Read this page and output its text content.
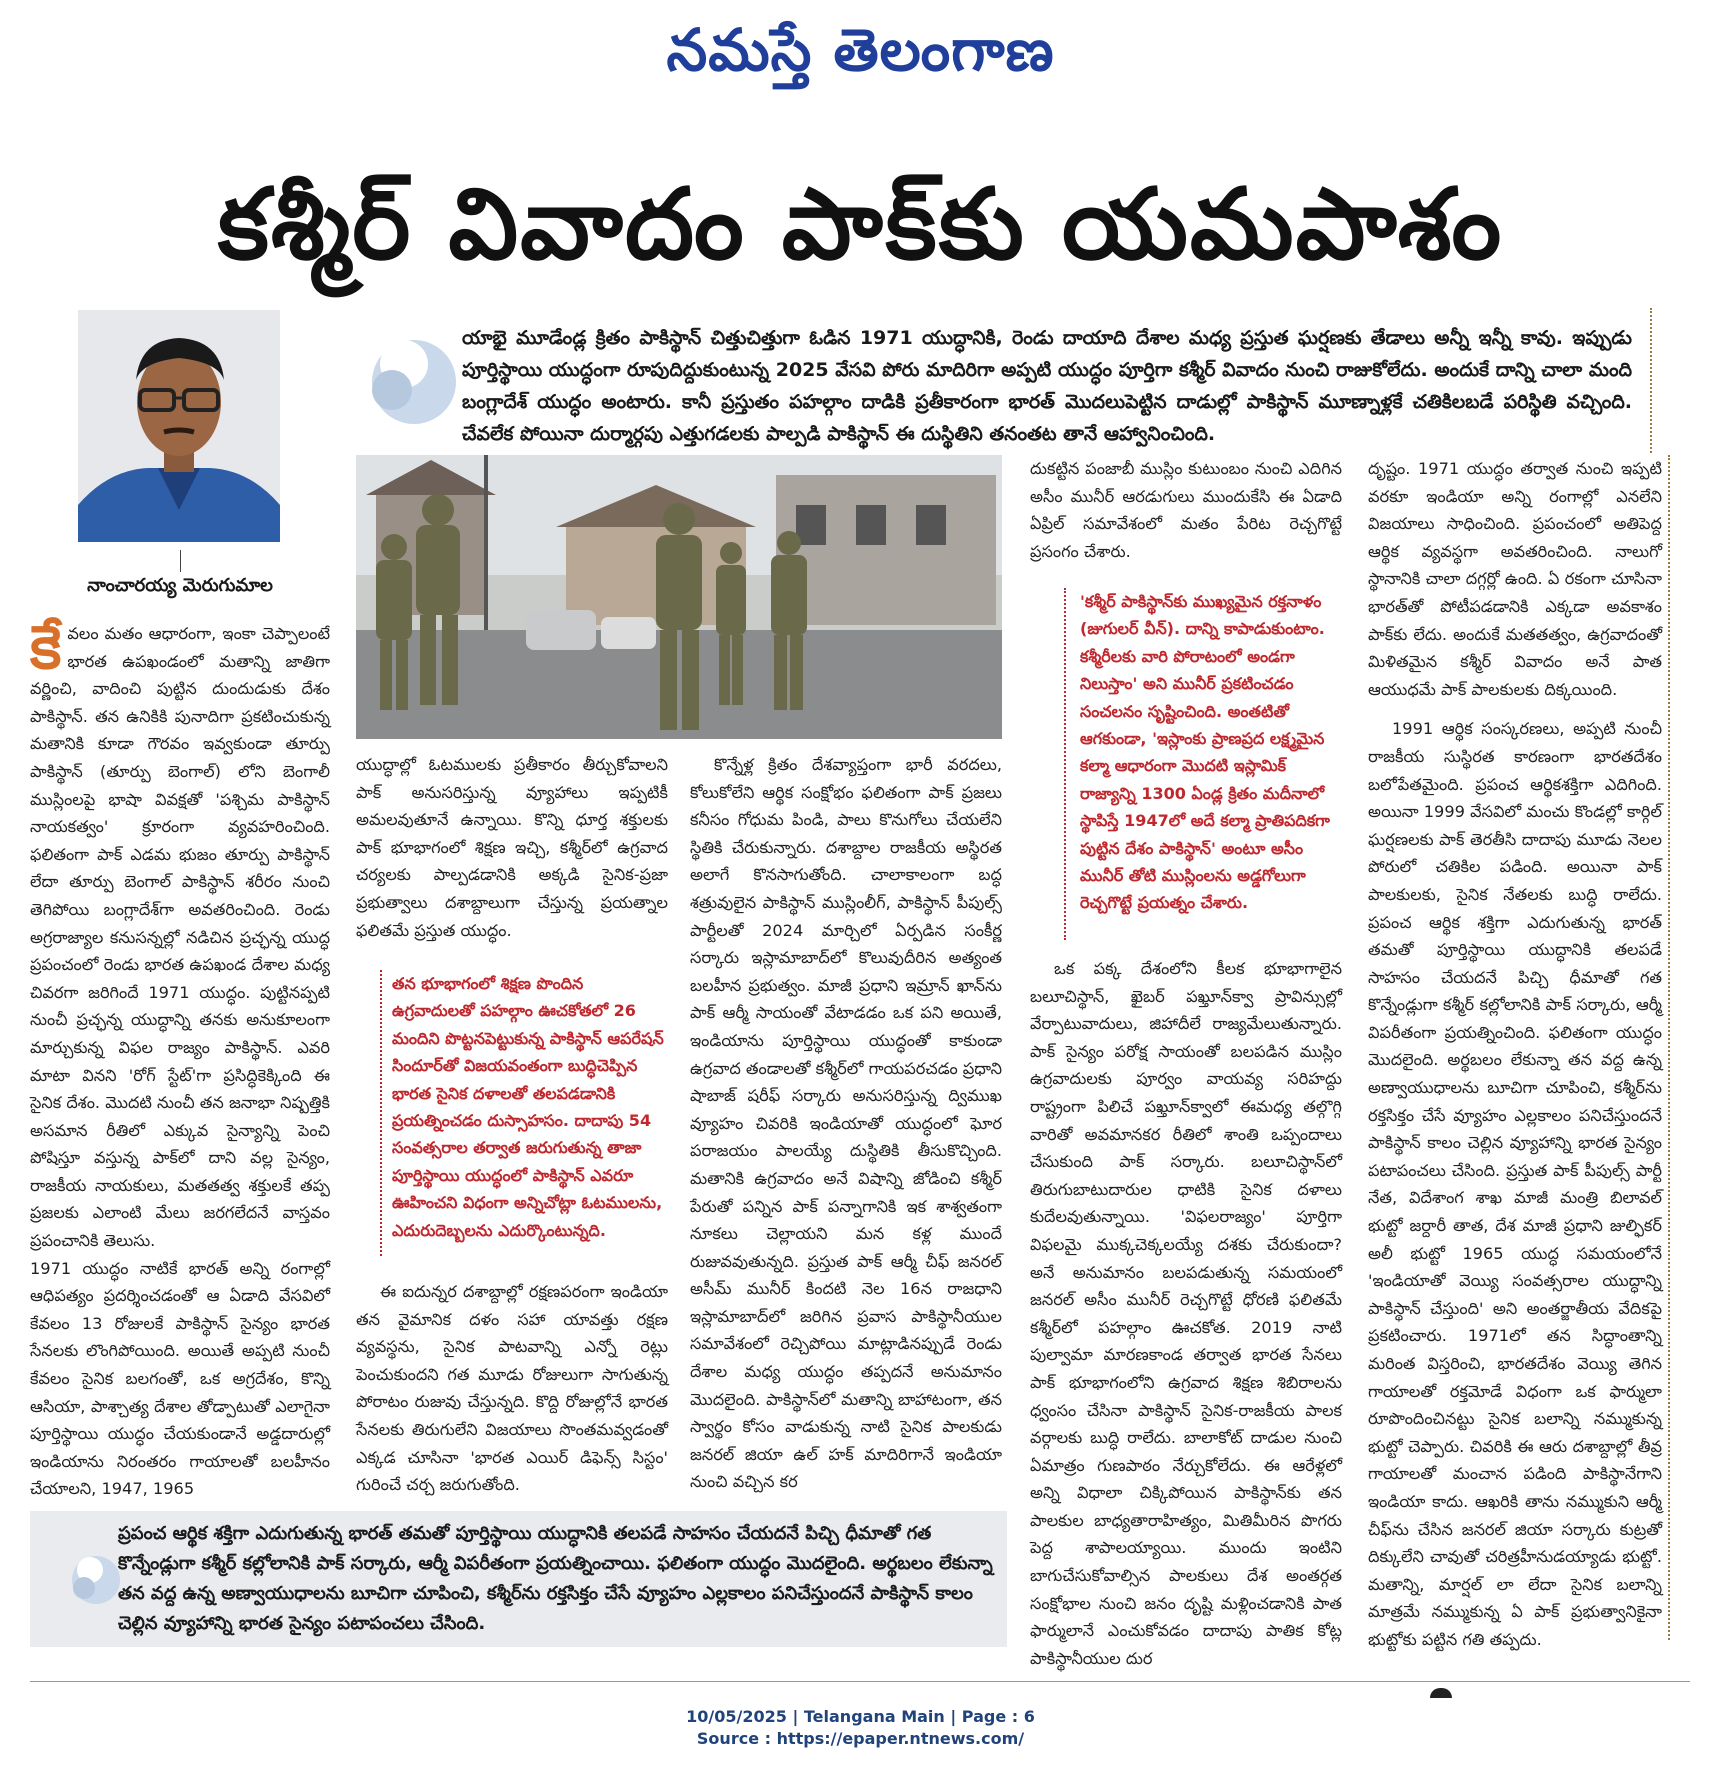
నమస్తే తెలంగాణ
కశ్మీర్ వివాదం పాక్‌కు యమపాశం
యాభై మూడేండ్ల క్రితం పాకిస్థాన్ చిత్తుచిత్తుగా ఓడిన 1971 యుద్ధానికి, రెండు దాయాది దేశాల మధ్య ప్రస్తుత ఘర్షణకు తేడాలు అన్నీ ఇన్నీ కావు. ఇప్పుడు పూర్తిస్థాయి యుద్ధంగా రూపుదిద్దుకుంటున్న 2025 వేసవి పోరు మాదిరిగా అప్పటి యుద్ధం పూర్తిగా కశ్మీర్ వివాదం నుంచి రాజుకోలేదు. అందుకే దాన్ని చాలా మంది బంగ్లాదేశ్ యుద్ధం అంటారు. కానీ ప్రస్తుతం పహల్గాం దాడికి ప్రతీకారంగా భారత్ మొదలుపెట్టిన దాడుల్లో పాకిస్థాన్ మూణ్నాళ్లకే చతికిలబడే పరిస్థితి వచ్చింది. చేవలేక పోయినా దుర్మార్గపు ఎత్తుగడలకు పాల్పడి పాకిస్థాన్ ఈ దుస్థితిని తనంతట తానే ఆహ్వానించింది.
నాంచారయ్య మెరుగుమాల

కేవలం మతం ఆధారంగా, ఇంకా చెప్పాలంటే భారత ఉపఖండంలో మతాన్ని జాతిగా వర్ణించి, వాదించి పుట్టిన దుందుడుకు దేశం పాకిస్థాన్. తన ఉనికికి పునాదిగా ప్రకటించుకున్న మతానికి కూడా గౌరవం ఇవ్వకుండా తూర్పు పాకిస్థాన్ (తూర్పు బెంగాల్) లోని బెంగాలీ ముస్లింలపై భాషా వివక్షతో 'పశ్చిమ పాకిస్థాన్ నాయకత్వం' క్రూరంగా వ్యవహరించింది. ఫలితంగా పాక్ ఎడమ భుజం తూర్పు పాకిస్థాన్ లేదా తూర్పు బెంగాల్ పాకిస్థాన్ శరీరం నుంచి తెగిపోయి బంగ్లాదేశ్‌గా అవతరించింది. రెండు అగ్రరాజ్యాల కనుసన్నల్లో నడిచిన ప్రచ్ఛన్న యుద్ధ ప్రపంచంలో రెండు భారత ఉపఖండ దేశాల మధ్య చివరగా జరిగిందే 1971 యుద్ధం. పుట్టినప్పటి నుంచీ ప్రచ్ఛన్న యుద్ధాన్ని తనకు అనుకూలంగా మార్చుకున్న విఫల రాజ్యం పాకిస్థాన్. ఎవరి మాటా వినని 'రోగ్ స్టేట్'గా ప్రసిద్ధికెక్కింది ఈ సైనిక దేశం. మొదటి నుంచీ తన జనాభా నిష్పత్తికి అసమాన రీతిలో ఎక్కువ సైన్యాన్ని పెంచి పోషిస్తూ వస్తున్న పాక్‌లో దాని వల్ల సైన్యం, రాజకీయ నాయకులు, మతతత్వ శక్తులకే తప్ప ప్రజలకు ఎలాంటి మేలు జరగలేదనే వాస్తవం ప్రపంచానికి తెలుసు.

1971 యుద్ధం నాటికే భారత్ అన్ని రంగాల్లో ఆధిపత్యం ప్రదర్శించడంతో ఆ ఏడాది వేసవిలో కేవలం 13 రోజులకే పాకిస్థాన్ సైన్యం భారత సేనలకు లొంగిపోయింది. అయితే అప్పటి నుంచీ కేవలం సైనిక బలగంతో, ఒక అగ్రదేశం, కొన్ని ఆసియా, పాశ్చాత్య దేశాల తోడ్పాటుతో ఎలాగైనా పూర్తిస్థాయి యుద్ధం చేయకుండానే అడ్డదారుల్లో ఇండియాను నిరంతరం గాయాలతో బలహీనం చేయాలని, 1947, 1965

యుద్ధాల్లో ఓటములకు ప్రతీకారం తీర్చుకోవాలని పాక్ అనుసరిస్తున్న వ్యూహాలు ఇప్పటికీ అమలవుతూనే ఉన్నాయి. కొన్ని ధూర్త శక్తులకు పాక్ భూభాగంలో శిక్షణ ఇచ్చి, కశ్మీర్‌లో ఉగ్రవాద చర్యలకు పాల్పడడానికి అక్కడి సైనిక-ప్రజా ప్రభుత్వాలు దశాబ్దాలుగా చేస్తున్న ప్రయత్నాల ఫలితమే ప్రస్తుత యుద్ధం.

తన భూభాగంలో శిక్షణ పొందిన ఉగ్రవాదులతో పహల్గాం ఊచకోతలో 26 మందిని పొట్టనపెట్టుకున్న పాకిస్థాన్ ఆపరేషన్ సిందూర్‌తో విజయవంతంగా బుద్ధిచెప్పిన భారత సైనిక దళాలతో తలపడడానికి ప్రయత్నించడం దుస్సాహసం. దాదాపు 54 సంవత్సరాల తర్వాత జరుగుతున్న తాజా పూర్తిస్థాయి యుద్ధంలో పాకిస్థాన్ ఎవరూ ఊహించని విధంగా అన్నిచోట్లా ఓటములను, ఎదురుదెబ్బలను ఎదుర్కొంటున్నది.

ఈ ఐదున్నర దశాబ్దాల్లో రక్షణపరంగా ఇండియా తన వైమానిక దళం సహా యావత్తు రక్షణ వ్యవస్థను, సైనిక పాటవాన్ని ఎన్నో రెట్లు పెంచుకుందని గత మూడు రోజులుగా సాగుతున్న పోరాటం రుజువు చేస్తున్నది. కొద్ది రోజుల్లోనే భారత సేనలకు తిరుగులేని విజయాలు సొంతమవ్వడంతో ఎక్కడ చూసినా 'భారత ఎయిర్ డిఫెన్స్ సిస్టం' గురించే చర్చ జరుగుతోంది.

కొన్నేళ్ల క్రితం దేశవ్యాప్తంగా భారీ వరదలు, కోలుకోలేని ఆర్థిక సంక్షోభం ఫలితంగా పాక్ ప్రజలు కనీసం గోధుమ పిండి, పాలు కొనుగోలు చేయలేని స్థితికి చేరుకున్నారు. దశాబ్దాల రాజకీయ అస్థిరత అలాగే కొనసాగుతోంది. చాలాకాలంగా బద్ధ శత్రువులైన పాకిస్థాన్ ముస్లింలీగ్, పాకిస్థాన్ పీపుల్స్ పార్టీలతో 2024 మార్చిలో ఏర్పడిన సంకీర్ణ సర్కారు ఇస్లామాబాద్‌లో కొలువుదీరిన అత్యంత బలహీన ప్రభుత్వం. మాజీ ప్రధాని ఇమ్రాన్ ఖాన్‌ను పాక్ ఆర్మీ సాయంతో వేటాడడం ఒక పని అయితే, ఇండియాను పూర్తిస్థాయి యుద్ధంతో కాకుండా ఉగ్రవాద తండాలతో కశ్మీర్‌లో గాయపరచడం ప్రధాని షాబాజ్ షరీఫ్ సర్కారు అనుసరిస్తున్న ద్విముఖ వ్యూహం చివరికి ఇండియాతో యుద్ధంలో ఘోర పరాజయం పాలయ్యే దుస్థితికి తీసుకొచ్చింది. మతానికి ఉగ్రవాదం అనే విషాన్ని జోడించి కశ్మీర్ పేరుతో పన్నిన పాక్ పన్నాగానికి ఇక శాశ్వతంగా నూకలు చెల్లాయని మన కళ్ల ముందే రుజువవుతున్నది. ప్రస్తుత పాక్ ఆర్మీ చీఫ్ జనరల్ అసీమ్ మునీర్ కిందటి నెల 16న రాజధాని ఇస్లామాబాద్‌లో జరిగిన ప్రవాస పాకిస్థానీయుల సమావేశంలో రెచ్చిపోయి మాట్లాడినప్పుడే రెండు దేశాల మధ్య యుద్ధం తప్పదనే అనుమానం మొదలైంది. పాకిస్థాన్‌లో మతాన్ని బాహాటంగా, తన స్వార్థం కోసం వాడుకున్న నాటి సైనిక పాలకుడు జనరల్ జియా ఉల్ హక్ మాదిరిగానే ఇండియా నుంచి వచ్చిన కర

దుకట్టిన పంజాబీ ముస్లిం కుటుంబం నుంచి ఎదిగిన అసీం మునీర్ ఆరడుగులు ముందుకేసి ఈ ఏడాది ఏప్రిల్ సమావేశంలో మతం పేరిట రెచ్చగొట్టే ప్రసంగం చేశారు.

'కశ్మీర్ పాకిస్థాన్‌కు ముఖ్యమైన రక్తనాళం (జుగులర్ వీన్). దాన్ని కాపాడుకుంటాం. కశ్మీరీలకు వారి పోరాటంలో అండగా నిలుస్తాం' అని మునీర్ ప్రకటించడం సంచలనం సృష్టించింది. అంతటితో ఆగకుండా, 'ఇస్లాంకు ప్రాణప్రద లక్ష్మమైన కల్మా ఆధారంగా మొదటి ఇస్లామిక్ రాజ్యాన్ని 1300 ఏండ్ల క్రితం మదీనాలో స్థాపిస్తే 1947లో అదే కల్మా ప్రాతిపదికగా పుట్టిన దేశం పాకిస్థాన్' అంటూ అసీం మునీర్ తోటి ముస్లింలను అడ్డగోలుగా రెచ్చగొట్టే ప్రయత్నం చేశారు.

ఒక పక్క దేశంలోని కీలక భూభాగాలైన బలూచిస్థాన్, ఖైబర్ పఖ్తూన్‌క్వా ప్రావిన్సుల్లో వేర్పాటువాదులు, జిహాదీలే రాజ్యమేలుతున్నారు. పాక్ సైన్యం పరోక్ష సాయంతో బలపడిన ముస్లిం ఉగ్రవాదులకు పూర్వం వాయవ్య సరిహద్దు రాష్ట్రంగా పిలిచే పఖ్తూన్‌క్వాలో ఈమధ్య తల్గొగ్గి వారితో అవమానకర రీతిలో శాంతి ఒప్పందాలు చేసుకుంది పాక్ సర్కారు. బలూచిస్థాన్‌లో తిరుగుబాటుదారుల ధాటికి సైనిక దళాలు కుదేలవుతున్నాయి. 'విఫలరాజ్యం' పూర్తిగా విఫలమై ముక్కచెక్కలయ్యే దశకు చేరుకుందా? అనే అనుమానం బలపడుతున్న సమయంలో జనరల్ అసీం మునీర్ రెచ్చగొట్టే ధోరణి ఫలితమే కశ్మీర్‌లో పహల్గాం ఊచకోత. 2019 నాటి పుల్వామా మారణకాండ తర్వాత భారత సేనలు పాక్ భూభాగంలోని ఉగ్రవాద శిక్షణ శిబిరాలను ధ్వంసం చేసినా పాకిస్థాన్ సైనిక-రాజకీయ పాలక వర్గాలకు బుద్ధి రాలేదు. బాలాకోట్ దాడుల నుంచి ఏమాత్రం గుణపాఠం నేర్చుకోలేదు. ఈ ఆరేళ్లలో అన్ని విధాలా చిక్కిపోయిన పాకిస్థాన్‌కు తన పాలకుల బాధ్యతారాహిత్యం, మితిమీరిన పొగరు పెద్ద శాపాలయ్యాయి. ముందు ఇంటిని బాగుచేసుకోవాల్సిన పాలకులు దేశ అంతర్గత సంక్షోభాల నుంచి జనం దృష్టి మళ్లించడానికి పాత ఫార్ములానే ఎంచుకోవడం దాదాపు పాతిక కోట్ల పాకిస్థానీయుల దుర

దృష్టం. 1971 యుద్ధం తర్వాత నుంచి ఇప్పటి వరకూ ఇండియా అన్ని రంగాల్లో ఎనలేని విజయాలు సాధించింది. ప్రపంచంలో అతిపెద్ద ఆర్థిక వ్యవస్థగా అవతరించింది. నాలుగో స్థానానికి చాలా దగ్గర్లో ఉంది. ఏ రకంగా చూసినా భారత్‌తో పోటీపడడానికి ఎక్కడా అవకాశం పాక్‌కు లేదు. అందుకే మతతత్వం, ఉగ్రవాదంతో మిళితమైన కశ్మీర్ వివాదం అనే పాత ఆయుధమే పాక్ పాలకులకు దిక్కయింది.

1991 ఆర్థిక సంస్కరణలు, అప్పటి నుంచీ రాజకీయ సుస్థిరత కారణంగా భారతదేశం బలోపేతమైంది. ప్రపంచ ఆర్థికశక్తిగా ఎదిగింది. అయినా 1999 వేసవిలో మంచు కొండల్లో కార్గిల్ ఘర్షణలకు పాక్ తెరతీసి దాదాపు మూడు నెలల పోరులో చతికిల పడింది. అయినా పాక్ పాలకులకు, సైనిక నేతలకు బుద్ధి రాలేదు. ప్రపంచ ఆర్థిక శక్తిగా ఎదుగుతున్న భారత్ తమతో పూర్తిస్థాయి యుద్ధానికి తలపడే సాహసం చేయదనే పిచ్చి ధీమాతో గత కొన్నేండ్లుగా కశ్మీర్ కల్లోలానికి పాక్ సర్కారు, ఆర్మీ విపరీతంగా ప్రయత్నించింది. ఫలితంగా యుద్ధం మొదలైంది. అర్థబలం లేకున్నా తన వద్ద ఉన్న అణ్వాయుధాలను బూచిగా చూపించి, కశ్మీర్‌ను రక్తసిక్తం చేసే వ్యూహం ఎల్లకాలం పనిచేస్తుందనే పాకిస్థాన్ కాలం చెల్లిన వ్యూహాన్ని భారత సైన్యం పటాపంచలు చేసింది. ప్రస్తుత పాక్ పీపుల్స్ పార్టీ నేత, విదేశాంగ శాఖ మాజీ మంత్రి బిలావల్ భుట్టో జర్దారీ తాత, దేశ మాజీ ప్రధాని జుల్ఫికర్ అలీ భుట్టో 1965 యుద్ధ సమయంలోనే 'ఇండియాతో వెయ్యి సంవత్సరాల యుద్ధాన్ని పాకిస్థాన్ చేస్తుంది' అని అంతర్జాతీయ వేదికపై ప్రకటించారు. 1971లో తన సిద్ధాంతాన్ని మరింత విస్తరించి, భారతదేశం వెయ్యి తెగిన గాయాలతో రక్తమోడే విధంగా ఒక ఫార్ములా రూపొందించినట్టు సైనిక బలాన్ని నమ్ముకున్న భుట్టో చెప్పారు. చివరికి ఈ ఆరు దశాబ్దాల్లో తీవ్ర గాయాలతో మంచాన పడింది పాకిస్థానేగాని ఇండియా కాదు. ఆఖరికి తాను నమ్ముకుని ఆర్మీ చీఫ్‌ను చేసిన జనరల్ జియా సర్కారు కుట్రతో దిక్కులేని చావుతో చరిత్రహీనుడయ్యాడు భుట్టో. మతాన్ని, మార్షల్ లా లేదా సైనిక బలాన్ని మాత్రమే నమ్ముకున్న ఏ పాక్ ప్రభుత్వానికైనా భుట్టోకు పట్టిన గతి తప్పదు.

ప్రపంచ ఆర్థిక శక్తిగా ఎదుగుతున్న భారత్ తమతో పూర్తిస్థాయి యుద్ధానికి తలపడే సాహసం చేయదనే పిచ్చి ధీమాతో గత కొన్నేండ్లుగా కశ్మీర్ కల్లోలానికి పాక్ సర్కారు, ఆర్మీ విపరీతంగా ప్రయత్నించాయి. ఫలితంగా యుద్ధం మొదలైంది. అర్థబలం లేకున్నా తన వద్ద ఉన్న అణ్వాయుధాలను బూచిగా చూపించి, కశ్మీర్‌ను రక్తసిక్తం చేసే వ్యూహం ఎల్లకాలం పనిచేస్తుందనే పాకిస్థాన్ కాలం చెల్లిన వ్యూహాన్ని భారత సైన్యం పటాపంచలు చేసింది.
10/05/2025 | Telangana Main | Page : 6
Source : https://epaper.ntnews.com/
